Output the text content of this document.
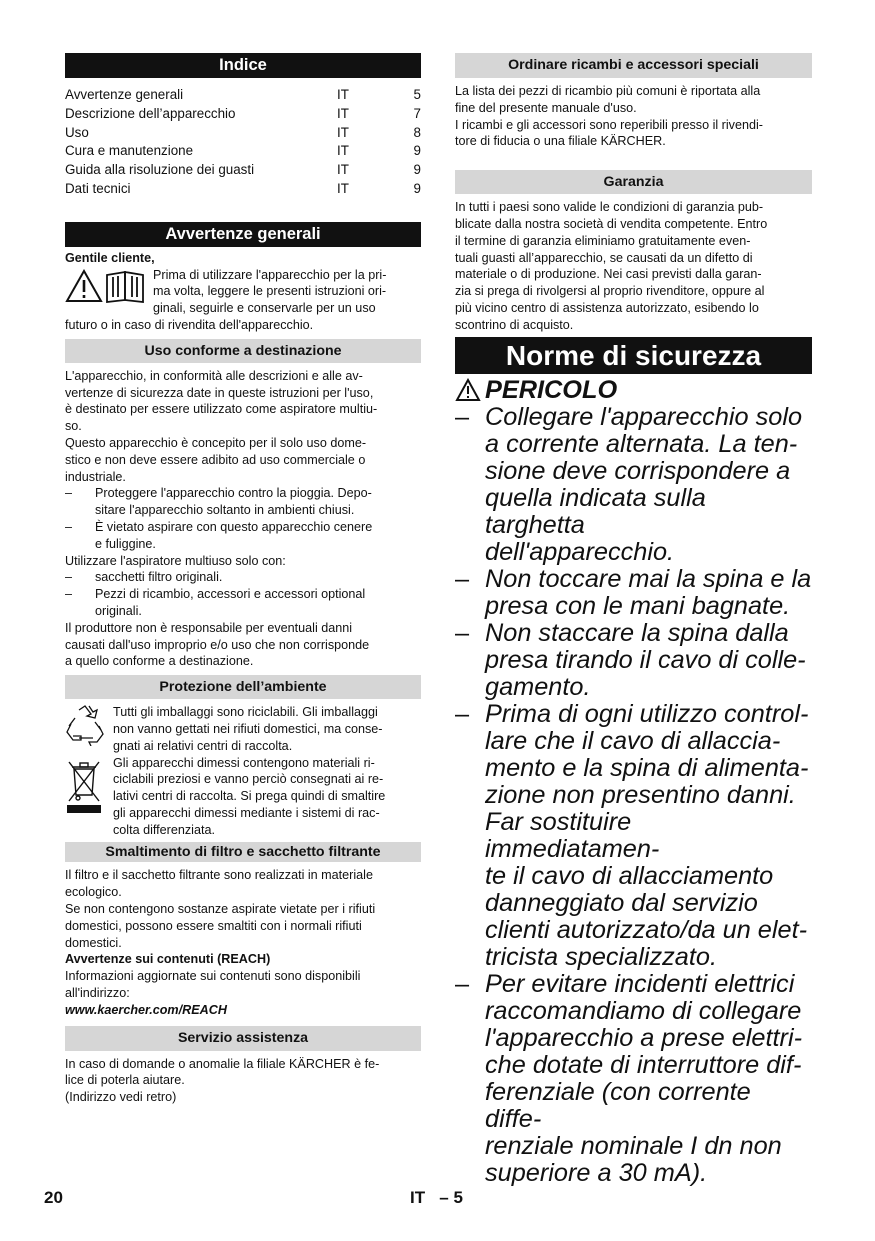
Indice
Avvertenze generali	IT	5
Descrizione dell’apparecchio	IT	7
Uso	IT	8
Cura e manutenzione	IT	9
Guida alla risoluzione dei guasti	IT	9
Dati tecnici	IT	9
Avvertenze generali

Gentile cliente,

Prima di utilizzare l'apparecchio per la pri-

ma volta, leggere le presenti istruzioni ori-

ginali, seguirle e conservarle per un uso

futuro o in caso di rivendita dell'apparecchio.

Uso conforme a destinazione

L'apparecchio, in conformità alle descrizioni e alle av-

vertenze di sicurezza date in queste istruzioni per l'uso,

è destinato per essere utilizzato come aspiratore multiu-

so.

Questo apparecchio è concepito per il solo uso dome-

stico e non deve essere adibito ad uso commerciale o

industriale.

–	Proteggere l'apparecchio contro la pioggia. Depo-

sitare l'apparecchio soltanto in ambienti chiusi.

–	È vietato aspirare con questo apparecchio cenere

e fuliggine.

Utilizzare l'aspiratore multiuso solo con:

–	sacchetti filtro originali.

–	Pezzi di ricambio, accessori e accessori optional

originali.

Il produttore non è responsabile per eventuali danni

causati dall'uso improprio e/o uso che non corrisponde

a quello conforme a destinazione.

Protezione dell’ambiente

Tutti gli imballaggi sono riciclabili. Gli imballaggi

non vanno gettati nei rifiuti domestici, ma conse-

gnati ai relativi centri di raccolta.

Gli apparecchi dimessi contengono materiali ri-

ciclabili preziosi e vanno perciò consegnati ai re-

lativi centri di raccolta. Si prega quindi di smaltire

gli apparecchi dimessi mediante i sistemi di rac-

colta differenziata.

Smaltimento di filtro e sacchetto filtrante

Il filtro e il sacchetto filtrante sono realizzati in materiale

ecologico.

Se non contengono sostanze aspirate vietate per i rifiuti

domestici, possono essere smaltiti con i normali rifiuti

domestici.

Avvertenze sui contenuti (REACH)

Informazioni aggiornate sui contenuti sono disponibili

all'indirizzo:

www.kaercher.com/REACH

Servizio assistenza

In caso di domande o anomalie la filiale KÄRCHER è fe-

lice di poterla aiutare.

(Indirizzo vedi retro)

Ordinare ricambi e accessori speciali

La lista dei pezzi di ricambio più comuni è riportata alla

fine del presente manuale d'uso.

I ricambi e gli accessori sono reperibili presso il rivendi-

tore di fiducia o una filiale KÄRCHER.

Garanzia

In tutti i paesi sono valide le condizioni di garanzia pub-

blicate dalla nostra società di vendita competente. Entro

il termine di garanzia eliminiamo gratuitamente even-

tuali guasti all’apparecchio, se causati da un difetto di

materiale o di produzione. Nei casi previsti dalla garan-

zia si prega di rivolgersi al proprio rivenditore, oppure al

più vicino centro di assistenza autorizzato, esibendo lo

scontrino di acquisto.

Norme di sicurezza
PERICOLO
– Collegare l'apparecchio solo
a corrente alternata. La ten-
sione deve corrispondere a
quella indicata sulla targhetta
dell'apparecchio.
– Non toccare mai la spina e la
presa con le mani bagnate.
– Non staccare la spina dalla
presa tirando il cavo di colle-
gamento.
– Prima di ogni utilizzo control-
lare che il cavo di allaccia-
mento e la spina di alimenta-
zione non presentino danni.
Far sostituire immediatamen-
te il cavo di allacciamento
danneggiato dal servizio
clienti autorizzato/da un elet-
tricista specializzato.
– Per evitare incidenti elettrici
raccomandiamo di collegare
l'apparecchio a prese elettri-
che dotate di interruttore dif-
ferenziale (con corrente diffe-
renziale nominale I dn non
superiore a 30 mA).
20	IT   – 5
